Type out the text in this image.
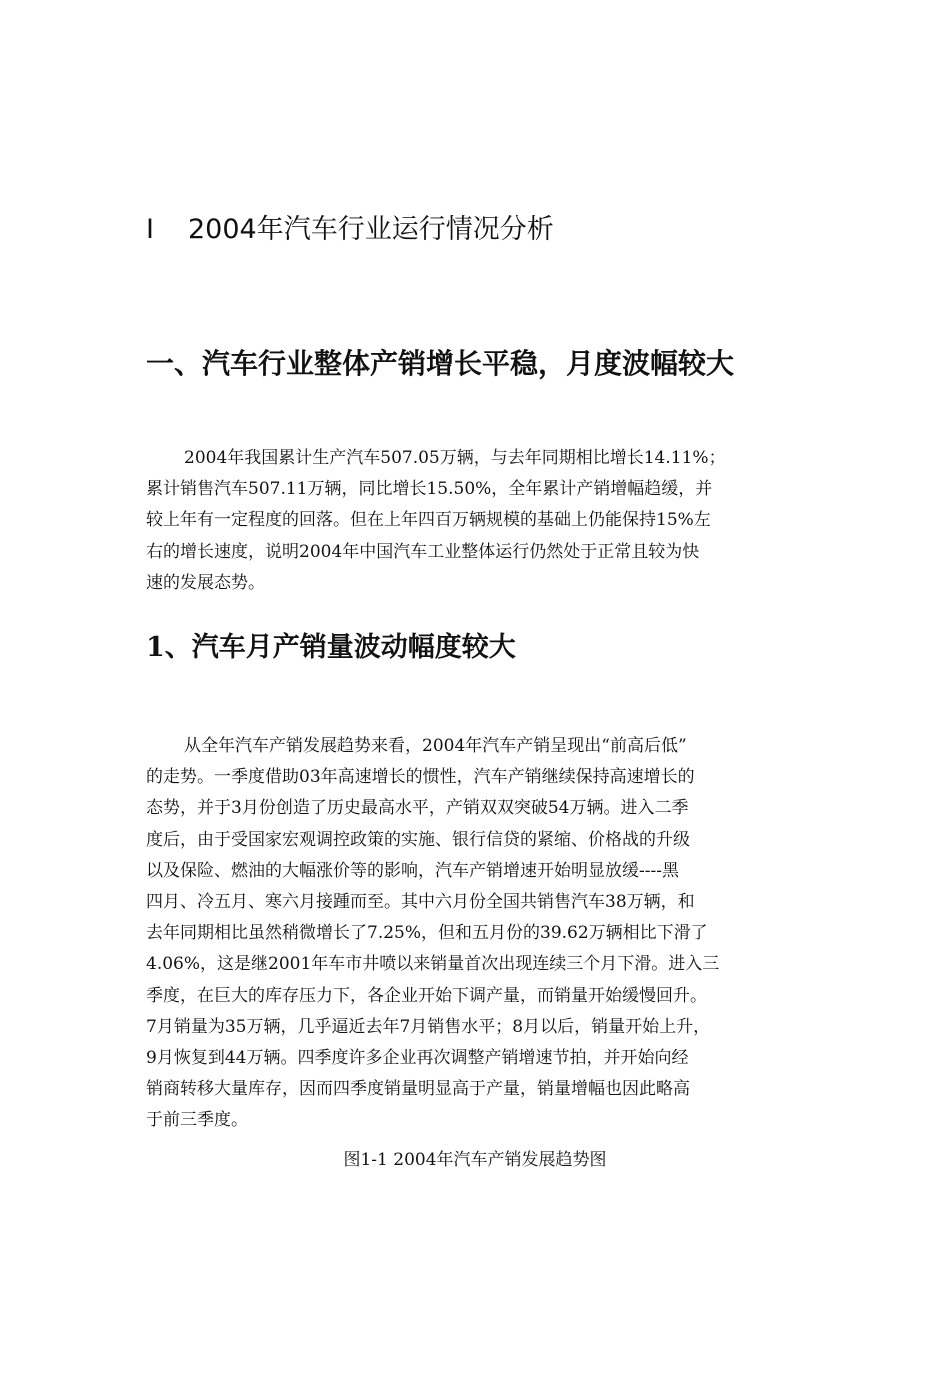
I 2004年汽车行业运行情况分析
一、汽车行业整体产销增长平稳，月度波幅较大
2004年我国累计生产汽车507.05万辆，与去年同期相比增长14.11%；
累计销售汽车507.11万辆，同比增长15.50%，全年累计产销增幅趋缓，并
较上年有一定程度的回落。但在上年四百万辆规模的基础上仍能保持15%左
右的增长速度，说明2004年中国汽车工业整体运行仍然处于正常且较为快
速的发展态势。
1、汽车月产销量波动幅度较大
从全年汽车产销发展趋势来看，2004年汽车产销呈现出“前高后低”
的走势。一季度借助03年高速增长的惯性，汽车产销继续保持高速增长的
态势，并于3月份创造了历史最高水平，产销双双突破54万辆。进入二季
度后，由于受国家宏观调控政策的实施、银行信贷的紧缩、价格战的升级
以及保险、燃油的大幅涨价等的影响，汽车产销增速开始明显放缓----黑
四月、冷五月、寒六月接踵而至。其中六月份全国共销售汽车38万辆，和
去年同期相比虽然稍微增长了7.25%，但和五月份的39.62万辆相比下滑了
4.06%，这是继2001年车市井喷以来销量首次出现连续三个月下滑。进入三
季度，在巨大的库存压力下，各企业开始下调产量，而销量开始缓慢回升。
7月销量为35万辆，几乎逼近去年7月销售水平；8月以后，销量开始上升，
9月恢复到44万辆。四季度许多企业再次调整产销增速节拍，并开始向经
销商转移大量库存，因而四季度销量明显高于产量，销量增幅也因此略高
于前三季度。
图1-1 2004年汽车产销发展趋势图
